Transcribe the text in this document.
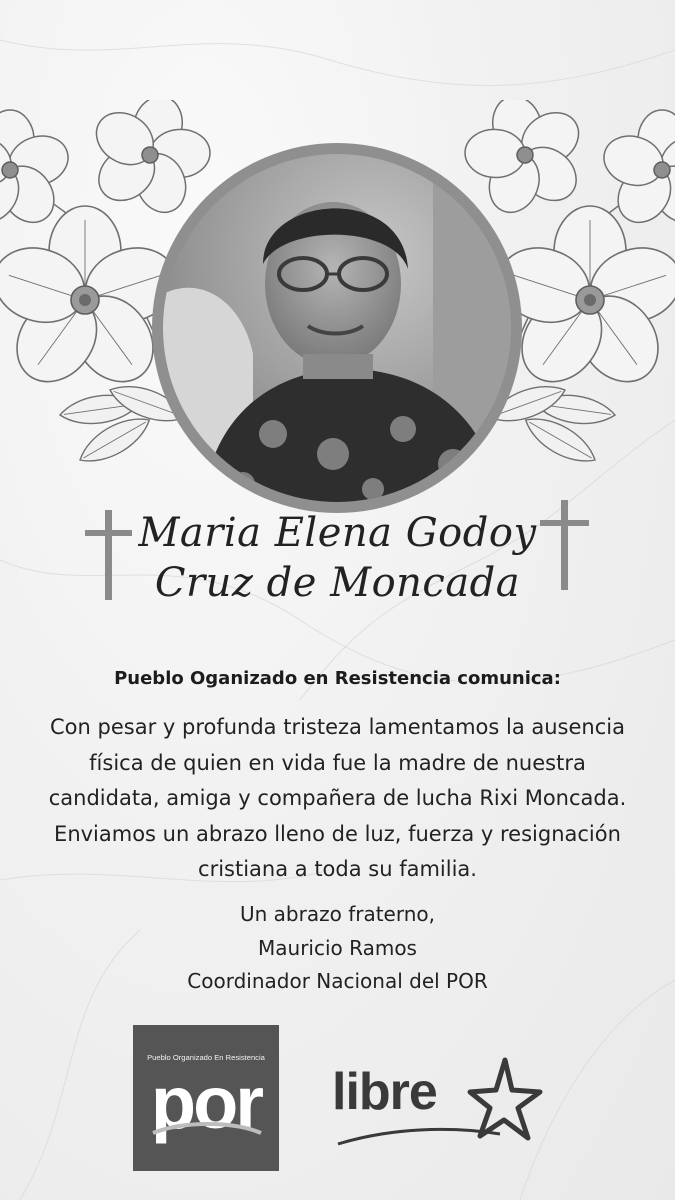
Maria Elena Godoy
Cruz de Moncada
Pueblo Oganizado en Resistencia comunica:
Con pesar y profunda tristeza lamentamos la ausencia
física de quien en vida fue la madre de nuestra
candidata, amiga y compañera de lucha Rixi Moncada.
Enviamos un abrazo lleno de luz, fuerza y resignación
cristiana a toda su familia.
Un abrazo fraterno,
Mauricio Ramos
Coordinador Nacional del POR
Pueblo Organizado En Resistencia
por	libre
